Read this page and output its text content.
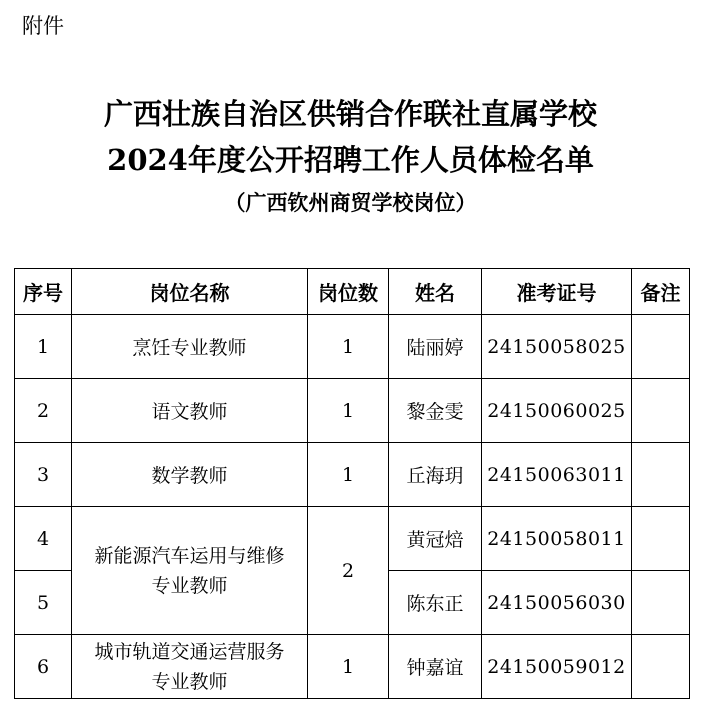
附件
广西壮族自治区供销合作联社直属学校
2024年度公开招聘工作人员体检名单
（广西钦州商贸学校岗位）
序号	岗位名称	岗位数	姓名	准考证号	备注
1	烹饪专业教师	1	陆丽婷	24150058025	
2	语文教师	1	黎金雯	24150060025	
3	数学教师	1	丘海玥	24150063011	
4	新能源汽车运用与维修
专业教师	2	黄冠焙	24150058011	
5			陈东正	24150056030	
6	城市轨道交通运营服务
专业教师	1	钟嘉谊	24150059012	
